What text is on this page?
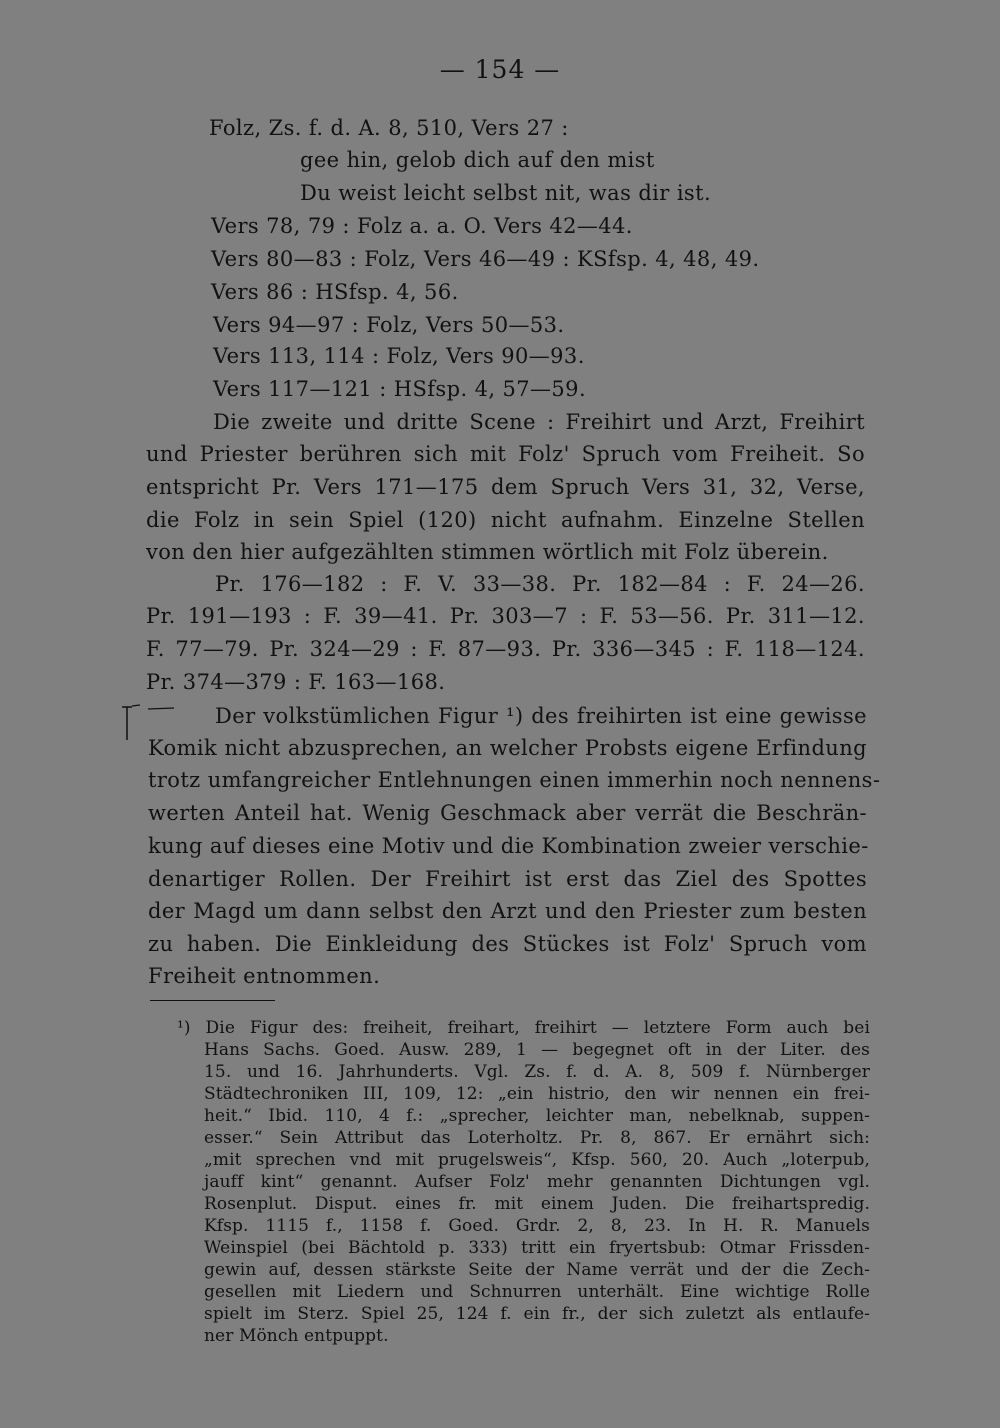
— 154 —
Folz, Zs. f. d. A. 8, 510, Vers 27 :
gee hin, gelob dich auf den mist
Du weist leicht selbst nit, was dir ist.
Vers 78, 79 : Folz a. a. O. Vers 42—44.
Vers 80—83 : Folz, Vers 46—49 : KSfsp. 4, 48, 49.
Vers 86 : HSfsp. 4, 56.
Vers 94—97 : Folz, Vers 50—53.
Vers 113, 114 : Folz, Vers 90—93.
Vers 117—121 : HSfsp. 4, 57—59.
Die zweite und dritte Scene : Freihirt und Arzt, Freihirt
und Priester berühren sich mit Folz' Spruch vom Freiheit. So
entspricht Pr. Vers 171—175 dem Spruch Vers 31, 32, Verse,
die Folz in sein Spiel (120) nicht aufnahm. Einzelne Stellen
von den hier aufgezählten stimmen wörtlich mit Folz überein.
Pr. 176—182 : F. V. 33—38. Pr. 182—84 : F. 24—26.
Pr. 191—193 : F. 39—41. Pr. 303—7 : F. 53—56. Pr. 311—12.
F. 77—79. Pr. 324—29 : F. 87—93. Pr. 336—345 : F. 118—124.
Pr. 374—379 : F. 163—168.
Der volkstümlichen Figur ¹) des freihirten ist eine gewisse
Komik nicht abzusprechen, an welcher Probsts eigene Erfindung
trotz umfangreicher Entlehnungen einen immerhin noch nennens-
werten Anteil hat. Wenig Geschmack aber verrät die Beschrän-
kung auf dieses eine Motiv und die Kombination zweier verschie-
denartiger Rollen. Der Freihirt ist erst das Ziel des Spottes
der Magd um dann selbst den Arzt und den Priester zum besten
zu haben. Die Einkleidung des Stückes ist Folz' Spruch vom
Freiheit entnommen.
¹) Die Figur des: freiheit, freihart, freihirt — letztere Form auch bei
Hans Sachs. Goed. Ausw. 289, 1 — begegnet oft in der Liter. des
15. und 16. Jahrhunderts. Vgl. Zs. f. d. A. 8, 509 f. Nürnberger
Städtechroniken III, 109, 12: „ein histrio, den wir nennen ein frei-
heit.“ Ibid. 110, 4 f.: „sprecher, leichter man, nebelknab, suppen-
esser.“ Sein Attribut das Loterholtz. Pr. 8, 867. Er ernährt sich:
„mit sprechen vnd mit prugelsweis“, Kfsp. 560, 20. Auch „loterpub,
jauff kint“ genannt. Aufser Folz' mehr genannten Dichtungen vgl.
Rosenplut. Disput. eines fr. mit einem Juden. Die freihartspredig.
Kfsp. 1115 f., 1158 f. Goed. Grdr. 2, 8, 23. In H. R. Manuels
Weinspiel (bei Bächtold p. 333) tritt ein fryertsbub: Otmar Frissden-
gewin auf, dessen stärkste Seite der Name verrät und der die Zech-
gesellen mit Liedern und Schnurren unterhält. Eine wichtige Rolle
spielt im Sterz. Spiel 25, 124 f. ein fr., der sich zuletzt als entlaufe-
ner Mönch entpuppt.
